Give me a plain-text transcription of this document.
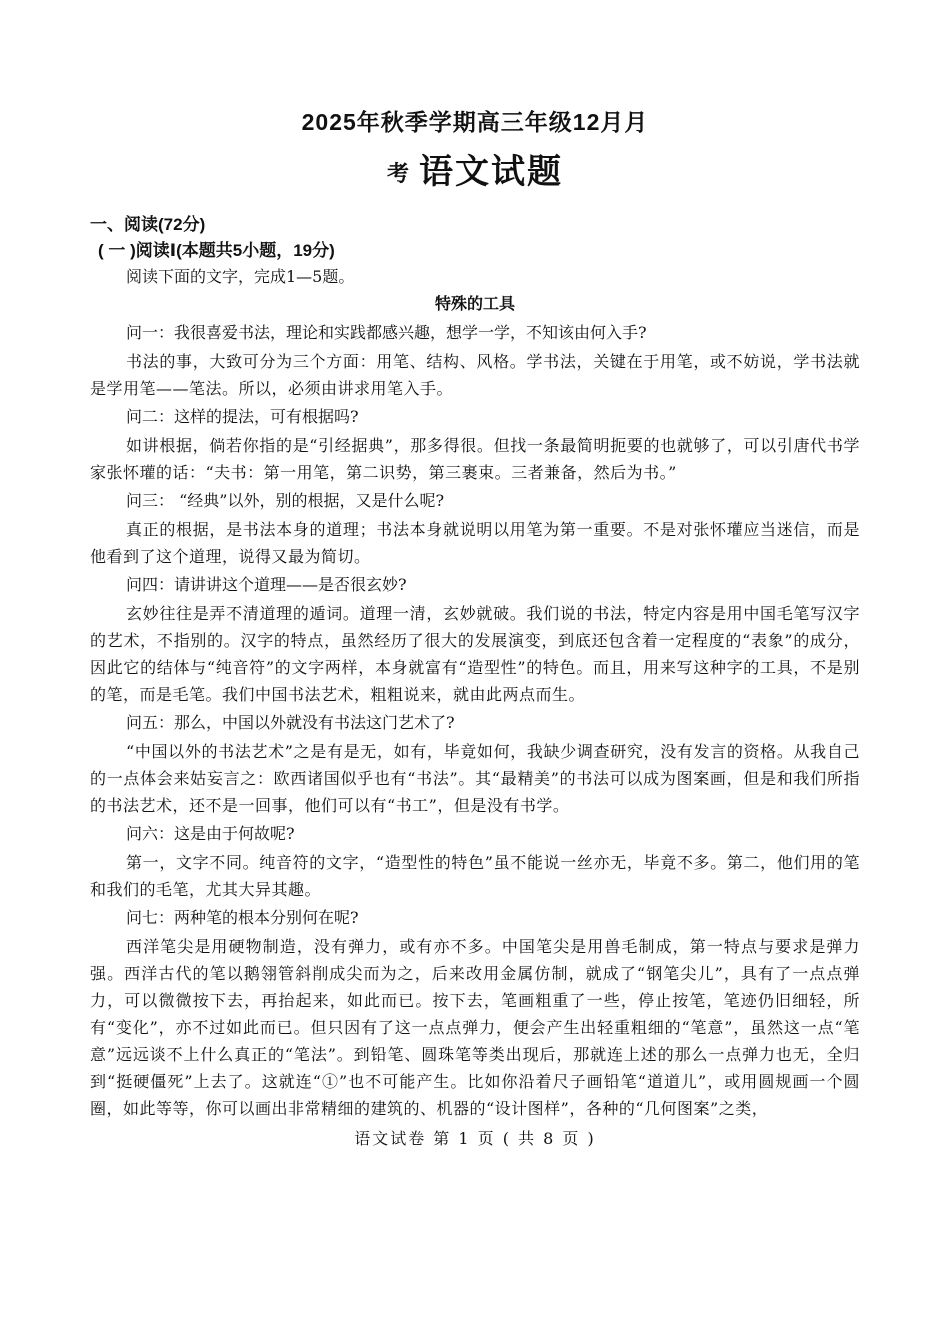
2025年秋季学期高三年级12月月
考 语文试题
一、阅读(72分)
( 一 )阅读Ⅰ(本题共5小题，19分)
阅读下面的文字，完成1—5题。
特殊的工具
问一：我很喜爱书法，理论和实践都感兴趣，想学一学，不知该由何入手?
书法的事，大致可分为三个方面：用笔、结构、风格。学书法，关键在于用笔，或不妨说，学书法就是学用笔——笔法。所以，必须由讲求用笔入手。
问二：这样的提法，可有根据吗?
如讲根据，倘若你指的是“引经据典”，那多得很。但找一条最简明扼要的也就够了，可以引唐代书学家张怀瓘的话：“夫书：第一用笔，第二识势，第三裹束。三者兼备，然后为书。”
问三： “经典”以外，别的根据，又是什么呢?
真正的根据，是书法本身的道理；书法本身就说明以用笔为第一重要。不是对张怀瓘应当迷信，而是他看到了这个道理，说得又最为简切。
问四：请讲讲这个道理——是否很玄妙?
玄妙往往是弄不清道理的遁词。道理一清，玄妙就破。我们说的书法，特定内容是用中国毛笔写汉字的艺术，不指别的。汉字的特点，虽然经历了很大的发展演变，到底还包含着一定程度的“表象”的成分，因此它的结体与“纯音符”的文字两样，本身就富有“造型性”的特色。而且，用来写这种字的工具，不是别的笔，而是毛笔。我们中国书法艺术，粗粗说来，就由此两点而生。
问五：那么，中国以外就没有书法这门艺术了?
“中国以外的书法艺术”之是有是无，如有，毕竟如何，我缺少调查研究，没有发言的资格。从我自己的一点体会来姑妄言之：欧西诸国似乎也有“书法”。其“最精美”的书法可以成为图案画，但是和我们所指的书法艺术，还不是一回事，他们可以有“书工”，但是没有书学。
问六：这是由于何故呢?
第一，文字不同。纯音符的文字，“造型性的特色”虽不能说一丝亦无，毕竟不多。第二，他们用的笔和我们的毛笔，尤其大异其趣。
问七：两种笔的根本分别何在呢?
西洋笔尖是用硬物制造，没有弹力，或有亦不多。中国笔尖是用兽毛制成，第一特点与要求是弹力强。西洋古代的笔以鹅翎管斜削成尖而为之，后来改用金属仿制，就成了“钢笔尖儿”，具有了一点点弹力，可以微微按下去，再抬起来，如此而已。按下去，笔画粗重了一些，停止按笔，笔迹仍旧细轻，所有“变化”，亦不过如此而已。但只因有了这一点点弹力，便会产生出轻重粗细的“笔意”，虽然这一点“笔意”远远谈不上什么真正的“笔法”。到铅笔、圆珠笔等类出现后，那就连上述的那么一点弹力也无，全归到“挺硬僵死”上去了。这就连“①”也不可能产生。比如你沿着尺子画铅笔“道道儿”，或用圆规画一个圆圈，如此等等，你可以画出非常精细的建筑的、机器的“设计图样”，各种的“几何图案”之类，
语文试卷 第 1 页 ( 共 8 页 )
